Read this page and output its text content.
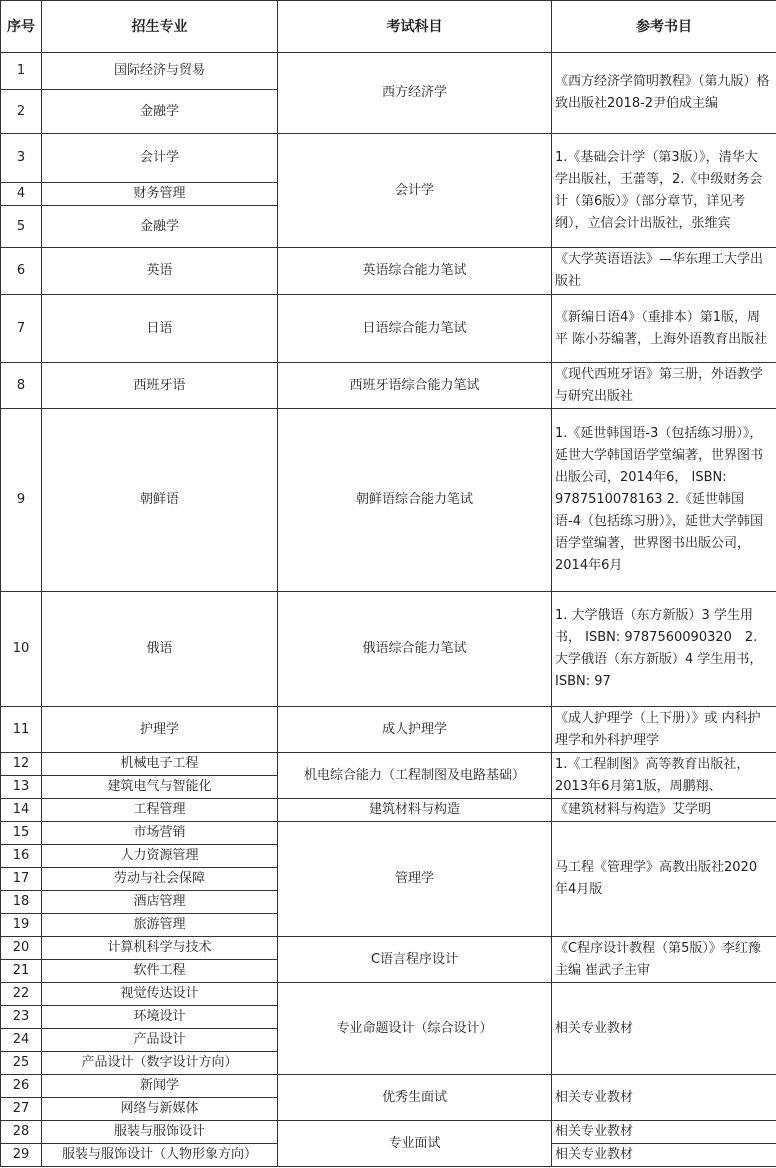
序号	招生专业	考试科目	参考书目
1	国际经济与贸易	西方经济学	《西方经济学简明教程》（第九版）格致出版社2018-2尹伯成主编
2	金融学		
3	会计学	会计学	1.《基础会计学（第3版）》，清华大学出版社，王蕾等，2.《中级财务会计（第6版）》（部分章节，详见考纲），立信会计出版社，张维宾
4	财务管理		
5	金融学		
6	英语	英语综合能力笔试	《大学英语语法》—华东理工大学出版社
7	日语	日语综合能力笔试	《新编日语4》（重排本）第1版，周平 陈小芬编著，上海外语教育出版社
8	西班牙语	西班牙语综合能力笔试	《现代西班牙语》第三册，外语教学与研究出版社
9	朝鲜语	朝鲜语综合能力笔试	1.《延世韩国语-3（包括练习册）》，延世大学韩国语学堂编著，世界图书出版公司，2014年6， ISBN: 9787510078163 2.《延世韩国语-4（包括练习册）》，延世大学韩国语学堂编著，世界图书出版公司，2014年6月
10	俄语	俄语综合能力笔试	1. 大学俄语（东方新版）3 学生用书， ISBN: 9787560090320　2. 大学俄语（东方新版）4 学生用书， ISBN: 97
11	护理学	成人护理学	《成人护理学（上下册）》或 内科护理学和外科护理学
12	机械电子工程	机电综合能力（工程制图及电路基础）	1.《工程制图》高等教育出版社，2013年6月第1版，周鹏翔、
13	建筑电气与智能化		
14	工程管理	建筑材料与构造	《建筑材料与构造》艾学明
15	市场营销	管理学	马工程《管理学》高教出版社2020年4月版
16	人力资源管理		
17	劳动与社会保障		
18	酒店管理		
19	旅游管理		
20	计算机科学与技术	C语言程序设计	《C程序设计教程（第5版）》李红豫主编 崔武子主审
21	软件工程		
22	视觉传达设计	专业命题设计（综合设计）	相关专业教材
23	环境设计		
24	产品设计		
25	产品设计（数字设计方向）		
26	新闻学	优秀生面试	相关专业教材
27	网络与新媒体		
28	服装与服饰设计	专业面试	相关专业教材
29	服装与服饰设计（人物形象方向）		相关专业教材
